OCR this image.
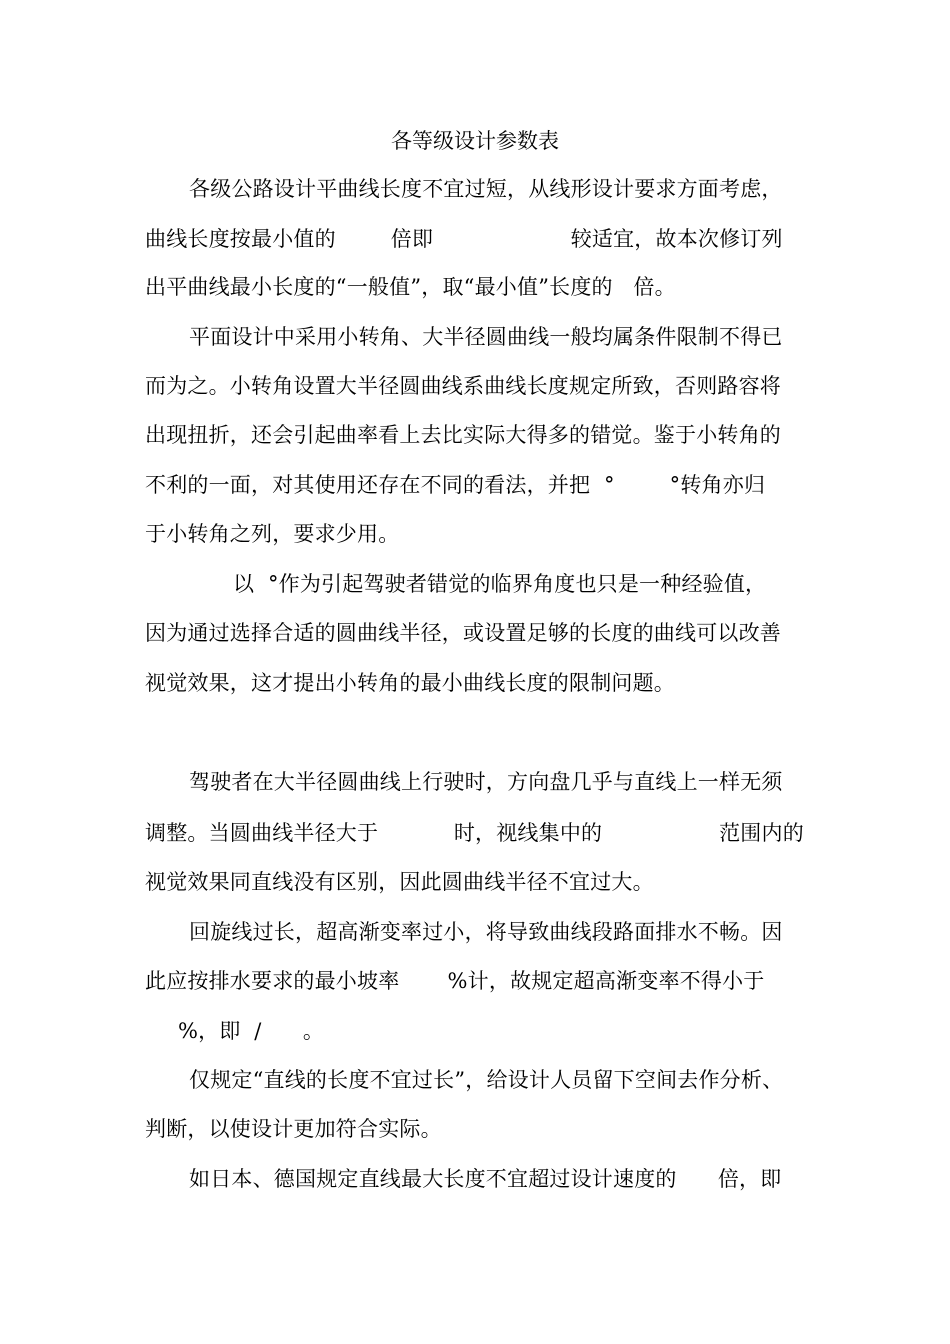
各等级设计参数表
各级公路设计平曲线长度不宜过短，从线形设计要求方面考虑，
曲线长度按最小值的        倍即                    较适宜，故本次修订列
出平曲线最小长度的“一般值”，取“最小值”长度的   倍。
平面设计中采用小转角、大半径圆曲线一般均属条件限制不得已
而为之。小转角设置大半径圆曲线系曲线长度规定所致，否则路容将
出现扭折，还会引起曲率看上去比实际大得多的错觉。鉴于小转角的
不利的一面，对其使用还存在不同的看法，并把  °        °转角亦归
于小转角之列，要求少用。
以  °作为引起驾驶者错觉的临界角度也只是一种经验值，
因为通过选择合适的圆曲线半径，或设置足够的长度的曲线可以改善
视觉效果，这才提出小转角的最小曲线长度的限制问题。
驾驶者在大半径圆曲线上行驶时，方向盘几乎与直线上一样无须
调整。当圆曲线半径大于           时，视线集中的                 范围内的
视觉效果同直线没有区别，因此圆曲线半径不宜过大。
回旋线过长，超高渐变率过小，将导致曲线段路面排水不畅。因
此应按排水要求的最小坡率       %计，故规定超高渐变率不得小于
%，即  /      。
仅规定“直线的长度不宜过长”，给设计人员留下空间去作分析、
判断，以使设计更加符合实际。
如日本、德国规定直线最大长度不宜超过设计速度的      倍，即
